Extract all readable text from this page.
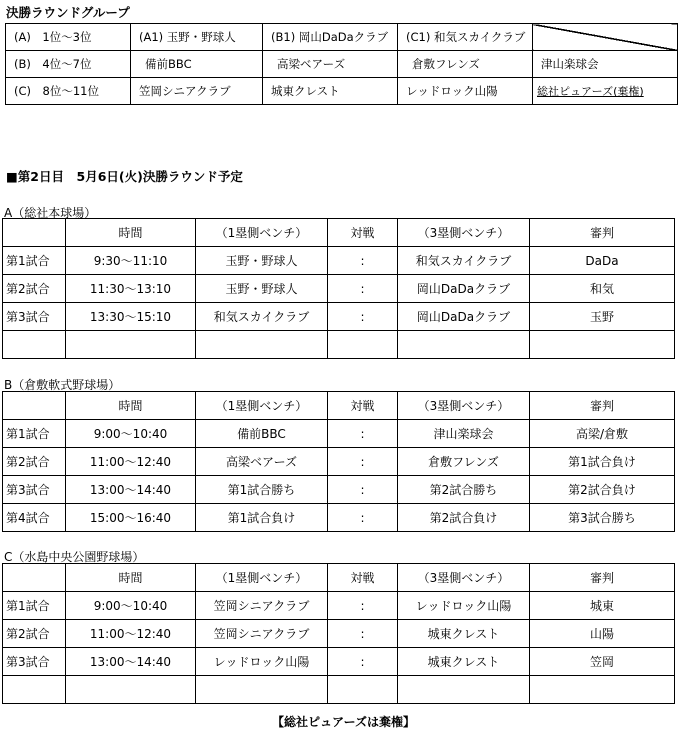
決勝ラウンドグループ
(A)　1位～3位	(A1) 玉野・野球人	(B1) 岡山DaDaクラブ	(C1) 和気スカイクラブ	
(B)　4位～7位	備前BBC	高梁ベアーズ	倉敷フレンズ	津山楽球会
(C)　8位～11位	笠岡シニアクラブ	城東クレスト	レッドロック山陽	総社ピュアーズ(棄権)
■第2日目　5月6日(火)決勝ラウンド予定
A（総社本球場）
B（倉敷軟式野球場）
C（水島中央公園野球場）
	時間	（1塁側ベンチ）	対戦	（3塁側ベンチ）	審判
第1試合	9:30～11:10	玉野・野球人	:	和気スカイクラブ	DaDa
第2試合	11:30～13:10	玉野・野球人	:	岡山DaDaクラブ	和気
第3試合	13:30～15:10	和気スカイクラブ	:	岡山DaDaクラブ	玉野

	時間	（1塁側ベンチ）	対戦	（3塁側ベンチ）	審判
第1試合	9:00～10:40	備前BBC	:	津山楽球会	高梁/倉敷
第2試合	11:00～12:40	高梁ベアーズ	:	倉敷フレンズ	第1試合負け
第3試合	13:00～14:40	第1試合勝ち	:	第2試合勝ち	第2試合負け
第4試合	15:00～16:40	第1試合負け	:	第2試合負け	第3試合勝ち
	時間	（1塁側ベンチ）	対戦	（3塁側ベンチ）	審判
第1試合	9:00～10:40	笠岡シニアクラブ	:	レッドロック山陽	城東
第2試合	11:00～12:40	笠岡シニアクラブ	:	城東クレスト	山陽
第3試合	13:00～14:40	レッドロック山陽	:	城東クレスト	笠岡

【総社ピュアーズは棄権】
